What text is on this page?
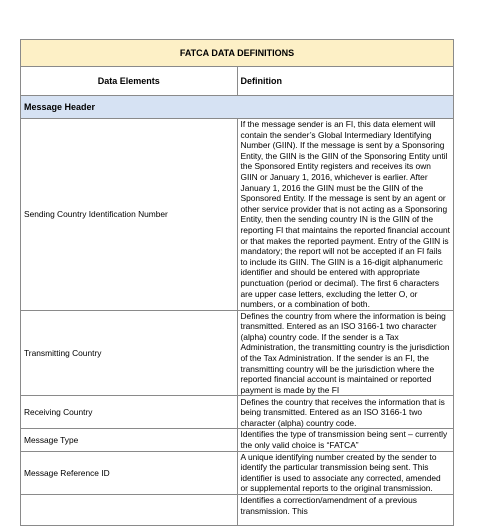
FATCA DATA DEFINITIONS	
Data Elements	Definition
Message Header	
Sending Country Identification Number	If the message sender is an FI, this data element will contain the sender’s Global Intermediary Identifying Number (GIIN). If the message is sent by a Sponsoring Entity, the GIIN is the GIIN of the Sponsoring Entity until the Sponsored Entity registers and receives its own GIIN or January 1, 2016, whichever is earlier. After January 1, 2016 the GIIN must be the GIIN of the Sponsored Entity. If the message is sent by an agent or other service provider that is not acting as a Sponsoring Entity, then the sending country IN is the GIIN of the reporting FI that maintains the reported financial account or that makes the reported payment. Entry of the GIIN is mandatory; the report will not be accepted if an FI fails to include its GIIN. The GIIN is a 16-digit alphanumeric identifier and should be entered with appropriate punctuation (period or decimal). The first 6 characters are upper case letters, excluding the letter O, or numbers, or a combination of both.
Transmitting Country	Defines the country from where the information is being transmitted. Entered as an ISO 3166-1 two character (alpha) country code. If the sender is a Tax Administration, the transmitting country is the jurisdiction of the Tax Administration. If the sender is an FI, the transmitting country will be the jurisdiction where the reported financial account is maintained or reported payment is made by the FI
Receiving Country	Defines the country that receives the information that is being transmitted. Entered as an ISO 3166-1 two character (alpha) country code.
Message Type	Identifies the type of transmission being sent – currently the only valid choice is “FATCA”
Message Reference ID	A unique identifying number created by the sender to identify the particular transmission being sent. This identifier is used to associate any corrected, amended or supplemental reports to the original transmission.
	Identifies a correction/amendment of a previous transmission. This
